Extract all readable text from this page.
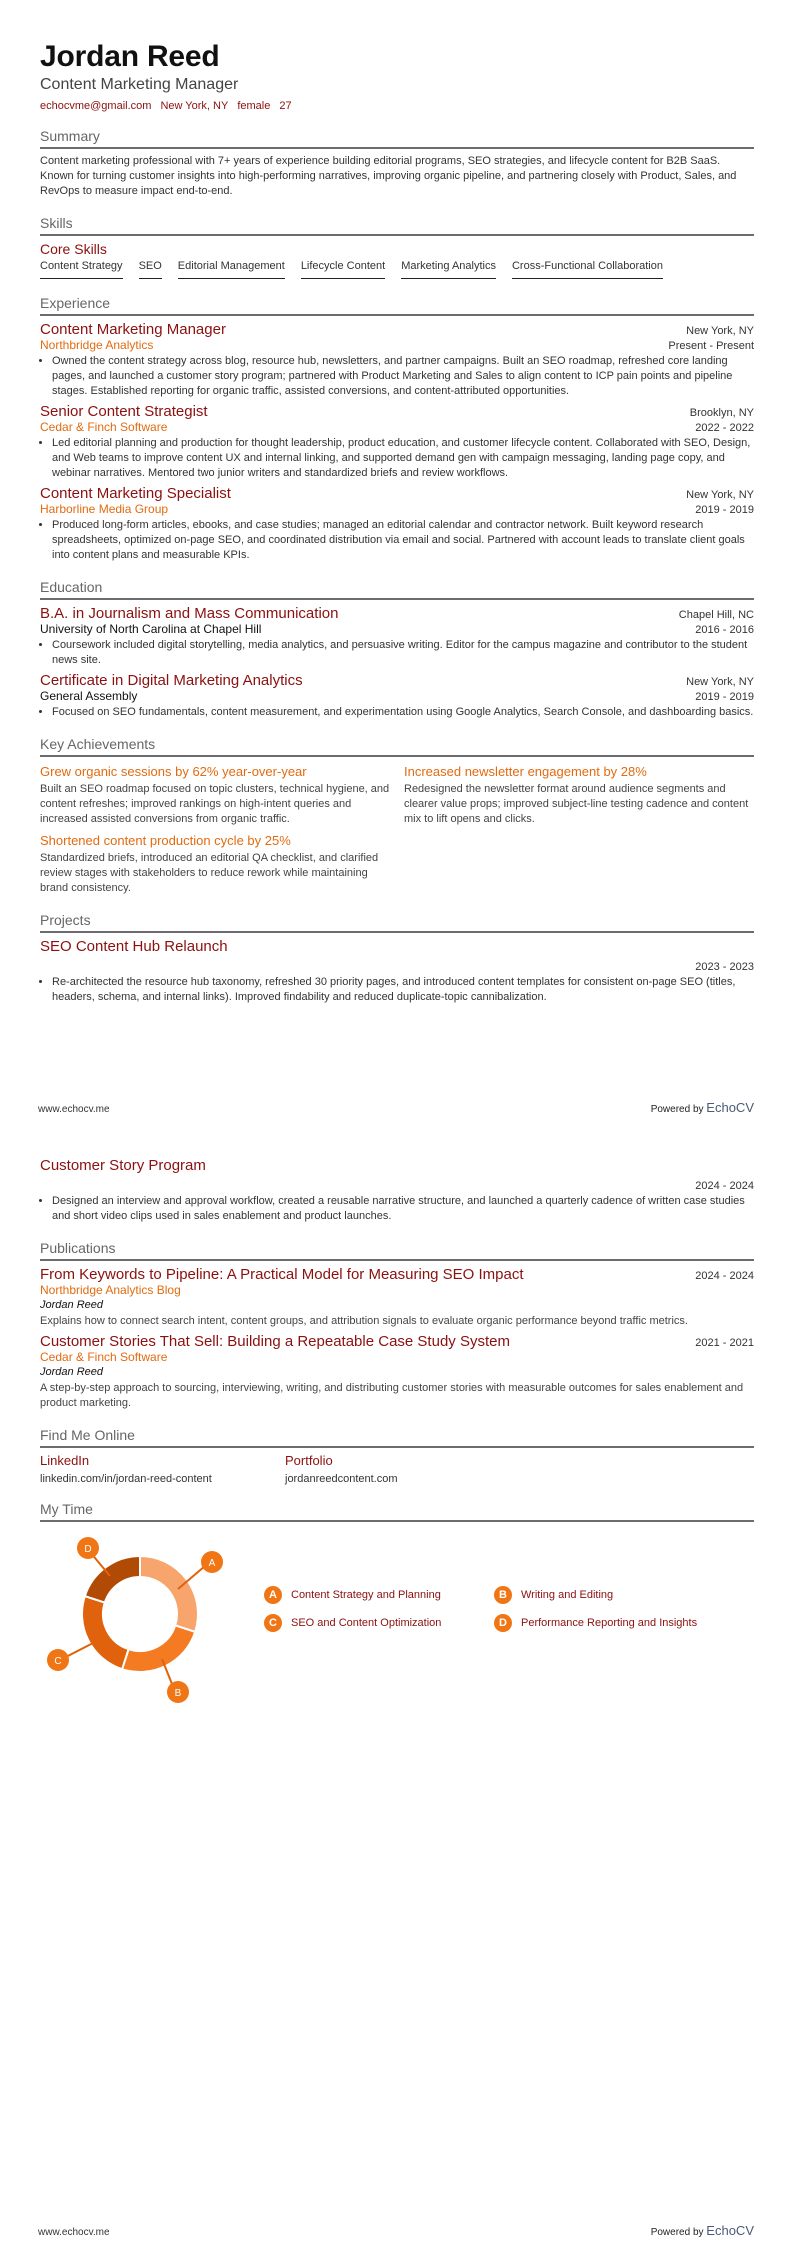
Jordan Reed
Content Marketing Manager
echocvme@gmail.com New York, NY female 27
Summary
Content marketing professional with 7+ years of experience building editorial programs, SEO strategies, and lifecycle content for B2B SaaS. Known for turning customer insights into high-performing narratives, improving organic pipeline, and partnering closely with Product, Sales, and RevOps to measure impact end-to-end.
Skills
Core Skills
Content Strategy SEO Editorial Management Lifecycle Content Marketing Analytics Cross-Functional Collaboration
Experience
Content Marketing Manager	New York, NY
Northbridge Analytics	Present - Present
• Owned the content strategy across blog, resource hub, newsletters, and partner campaigns. Built an SEO roadmap, refreshed core landing pages, and launched a customer story program; partnered with Product Marketing and Sales to align content to ICP pain points and pipeline stages. Established reporting for organic traffic, assisted conversions, and content-attributed opportunities.
Senior Content Strategist	Brooklyn, NY
Cedar & Finch Software	2022 - 2022
• Led editorial planning and production for thought leadership, product education, and customer lifecycle content. Collaborated with SEO, Design, and Web teams to improve content UX and internal linking, and supported demand gen with campaign messaging, landing page copy, and webinar narratives. Mentored two junior writers and standardized briefs and review workflows.
Content Marketing Specialist	New York, NY
Harborline Media Group	2019 - 2019
• Produced long-form articles, ebooks, and case studies; managed an editorial calendar and contractor network. Built keyword research spreadsheets, optimized on-page SEO, and coordinated distribution via email and social. Partnered with account leads to translate client goals into content plans and measurable KPIs.
Education
B.A. in Journalism and Mass Communication	Chapel Hill, NC
University of North Carolina at Chapel Hill	2016 - 2016
• Coursework included digital storytelling, media analytics, and persuasive writing. Editor for the campus magazine and contributor to the student news site.
Certificate in Digital Marketing Analytics	New York, NY
General Assembly	2019 - 2019
• Focused on SEO fundamentals, content measurement, and experimentation using Google Analytics, Search Console, and dashboarding basics.
Key Achievements
Grew organic sessions by 62% year-over-year
Built an SEO roadmap focused on topic clusters, technical hygiene, and content refreshes; improved rankings on high-intent queries and increased assisted conversions from organic traffic.
Increased newsletter engagement by 28%
Redesigned the newsletter format around audience segments and clearer value props; improved subject-line testing cadence and content mix to lift opens and clicks.
Shortened content production cycle by 25%
Standardized briefs, introduced an editorial QA checklist, and clarified review stages with stakeholders to reduce rework while maintaining brand consistency.
Projects
SEO Content Hub Relaunch
2023 - 2023
• Re-architected the resource hub taxonomy, refreshed 30 priority pages, and introduced content templates for consistent on-page SEO (titles, headers, schema, and internal links). Improved findability and reduced duplicate-topic cannibalization.
www.echocv.me	Powered by EchoCV
Customer Story Program
2024 - 2024
• Designed an interview and approval workflow, created a reusable narrative structure, and launched a quarterly cadence of written case studies and short video clips used in sales enablement and product launches.
Publications
From Keywords to Pipeline: A Practical Model for Measuring SEO Impact	2024 - 2024
Northbridge Analytics Blog
Jordan Reed
Explains how to connect search intent, content groups, and attribution signals to evaluate organic performance beyond traffic metrics.
Customer Stories That Sell: Building a Repeatable Case Study System	2021 - 2021
Cedar & Finch Software
Jordan Reed
A step-by-step approach to sourcing, interviewing, writing, and distributing customer stories with measurable outcomes for sales enablement and product marketing.
Find Me Online
LinkedIn
linkedin.com/in/jordan-reed-content
Portfolio
jordanreedcontent.com
My Time
A
B
C
D
A	Content Strategy and Planning	B	Writing and Editing
C	SEO and Content Optimization	D	Performance Reporting and Insights
www.echocv.me	Powered by EchoCV
